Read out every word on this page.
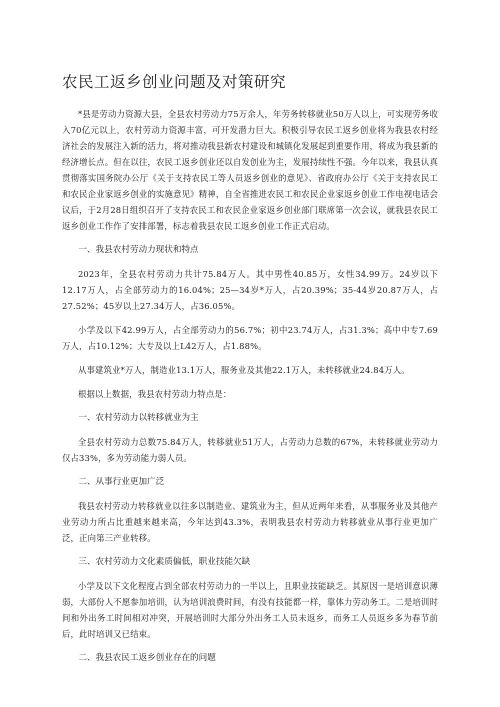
农民工返乡创业问题及对策研究

*县是劳动力资源大县，全县农村劳动力75万余人，年劳务转移就业50万人以上，可实现劳务收入70亿元以上，农村劳动力资源丰富，可开发潜力巨大。积极引导农民工返乡创业将为我县农村经济社会的发展注入新的活力，将对推动我县新农村建设和城镇化发展起到重要作用，将成为我县新的经济增长点。但在以往，农民工返乡创业还以自发创业为主，发展持续性不强。今年以来，我县认真贯彻落实国务院办公厅《关于支持农民工等人员返乡创业的意见》、省政府办公厅《关于支持农民工和农民企业家返乡创业的实施意见》精神，自全省推进农民工和农民企业家返乡创业工作电视电话会议后，于2月28日组织召开了支持农民工和农民企业家返乡创业部门联席第一次会议，就我县农民工返乡创业工作作了安排部署，标志着我县农民工返乡创业工作正式启动。

一、我县农村劳动力现状和特点

2023年，全县农村劳动力共计75.84万人。其中男性40.85万，女性34.99万。24岁以下12.17万人，占全部劳动力的16.04%；25—34岁*万人，占20.39%；35-44岁20.87万人，占27.52%；45岁以上27.34万人，占36.05%。

小学及以下42.99万人，占全部劳动力的56.7%；初中23.74万人，占31.3%；高中中专7.69万人，占10.12%；大专及以上L42万人，占1.88%。

从事建筑业*万人，制造业13.1万人，服务业及其他22.1万人，未转移就业24.84万人。

根据以上数据，我县农村劳动力特点是：

一、农村劳动力以转移就业为主

全县农村劳动力总数75.84万人，转移就业51万人，占劳动力总数的67%，未转移就业劳动力仅占33%，多为劳动能力弱人员。

二、从事行业更加广泛

我县农村劳动力转移就业以往多以制造业、建筑业为主，但从近两年来看，从事服务业及其他产业劳动力所占比重越来越来高，今年达到43.3%，表明我县农村劳动力转移就业从事行业更加广泛，正向第三产业转移。

三、农村劳动力文化素质偏低，职业技能欠缺

小学及以下文化程度占到全部农村劳动力的一半以上，且职业技能缺乏。其原因一是培训意识薄弱，大部份人不愿参加培训，认为培训浪费时间，有没有技能都一样，靠体力劳动务工。二是培训时间和外出务工时间相对冲突，开展培训时大部分外出务工人员未返乡，而务工人员返乡多为春节前后，此时培训又已结束。

二、我县农民工返乡创业存在的问题
